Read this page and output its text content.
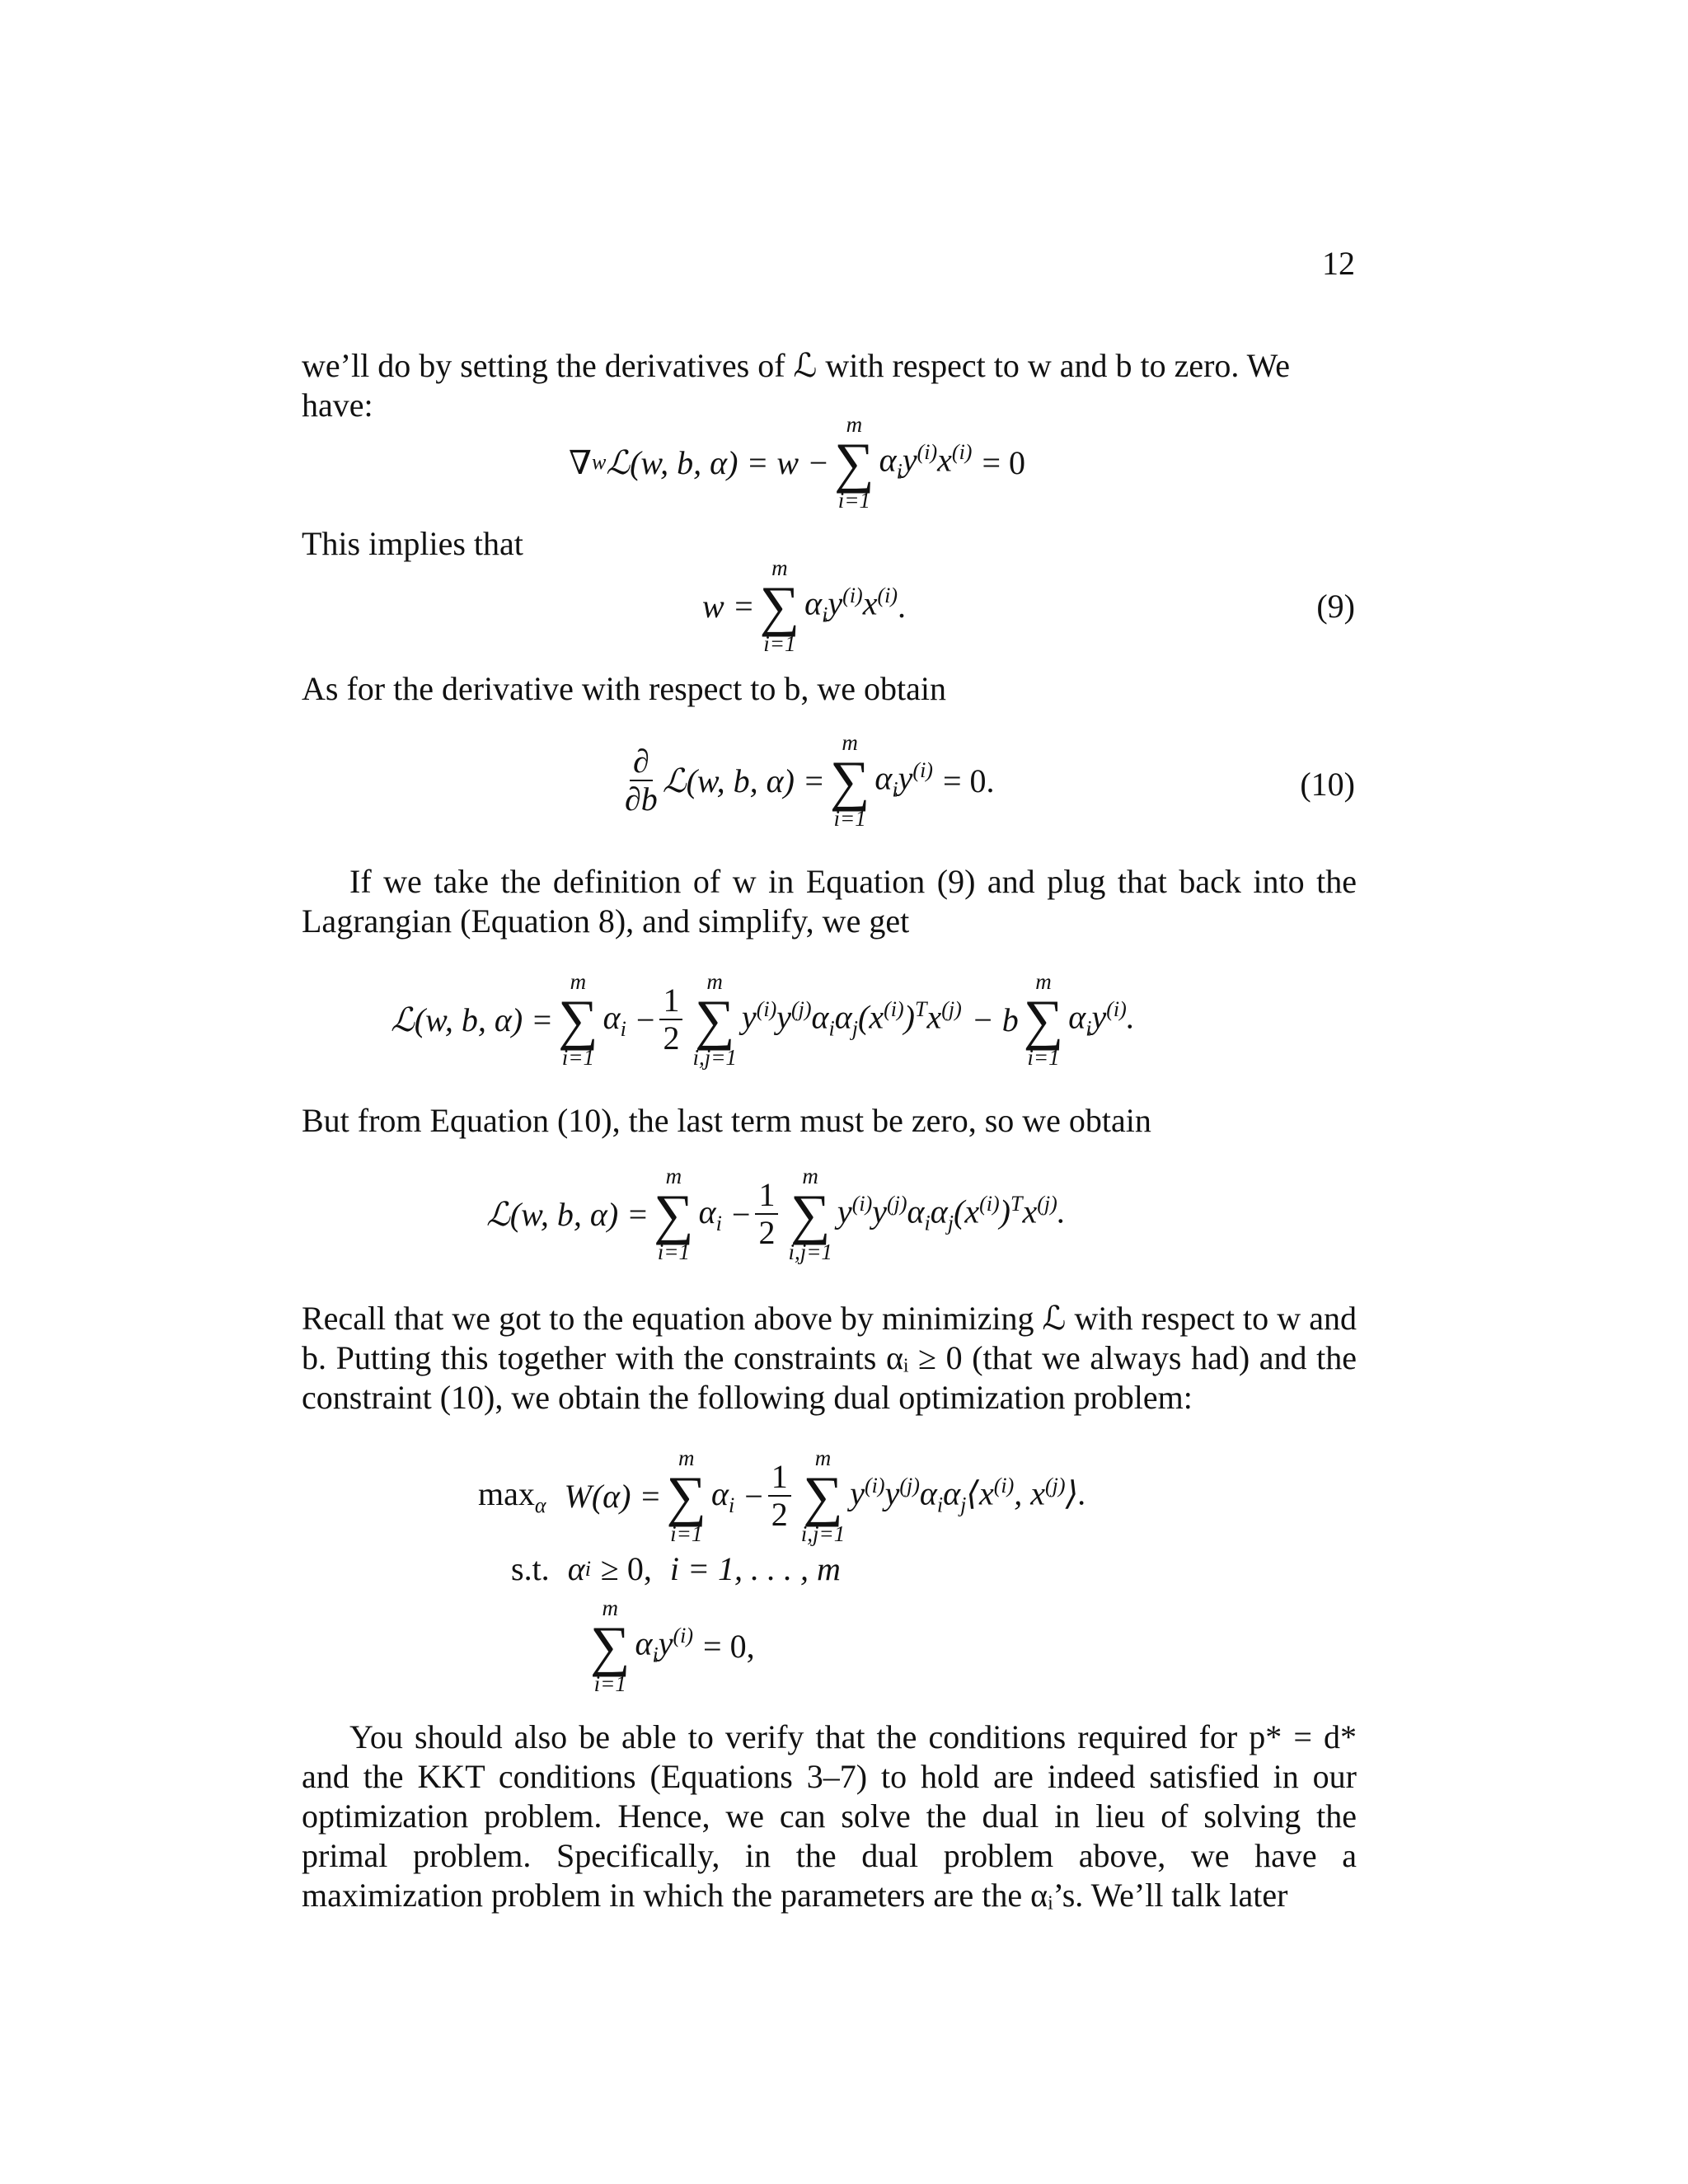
12
we’ll do by setting the derivatives of ℒ with respect to w and b to zero. We
have:
∇ w ℒ(w, b, α) = w −
m
∑
i=1
$\alpha_iy^{(i)}x^{(i)} = 0$
This implies that
w =
m
∑
i=1
$\alpha_iy^{(i)}x^{(i)}$ .	(9)
As for the derivative with respect to b, we obtain
$\frac{\partial}{\partial b}$ ℒ(w, b, α) =
m
∑
i=1
$\alpha_iy^{(i)} = 0$.	(10)
If we take the definition of w in Equation (9) and plug that back into the Lagrangian (Equation 8), and simplify, we get
ℒ(w, b, α) =
m
∑
i=1
$\alpha_i - \frac{1}{2}$
m
∑
i,j=1
$y^{(i)}y^{(j)}\alpha_i\alpha_j(x^{(i)})^Tx^{(j)} - b$
m
∑
i=1
$\alpha_iy^{(i)}$.
But from Equation (10), the last term must be zero, so we obtain
ℒ(w, b, α) =
m
∑
i=1
$\alpha_i - \frac{1}{2}$
m
∑
i,j=1
$y^{(i)}y^{(j)}\alpha_i\alpha_j(x^{(i)})^Tx^{(j)}$.
Recall that we got to the equation above by minimizing ℒ with respect to w and b. Putting this together with the constraints αᵢ ≥ 0 (that we always had) and the constraint (10), we obtain the following dual optimization problem:
$\max_\alpha W(\alpha)$ =
m
∑
i=1
$\alpha_i - \frac{1}{2}$
m
∑
i,j=1
$y^{(i)}y^{(j)}\alpha_i\alpha_j⟨x^{(i)}$, $x^{(j)}⟩$.
s.t. α i ≥ 0, i = 1, . . . , m
m
∑
i=1
$\alpha_iy^{(i)} = 0$,
You should also be able to verify that the conditions required for p* = d* and the KKT conditions (Equations 3–7) to hold are indeed satisfied in our optimization problem. Hence, we can solve the dual in lieu of solving the primal problem. Specifically, in the dual problem above, we have a maximization problem in which the parameters are the αᵢ’s. We’ll talk later
